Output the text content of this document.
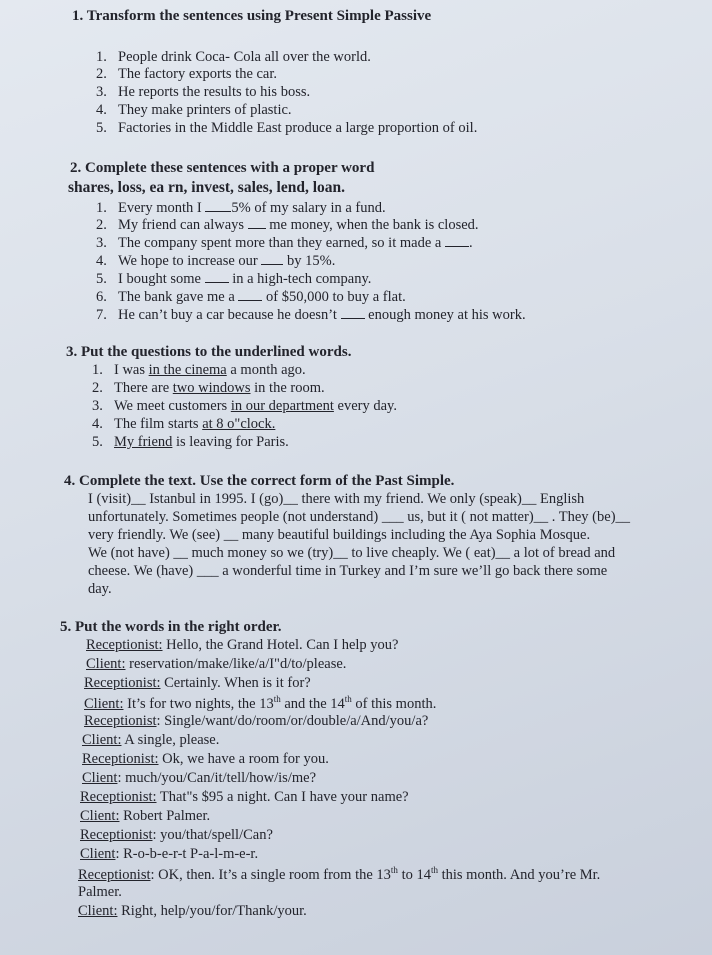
1. Transform the sentences using Present Simple Passive
1. People drink Coca- Cola all over the world.
2. The factory exports the car.
3. He reports the results to his boss.
4. They make printers of plastic.
5. Factories in the Middle East produce a large proportion of oil.
2. Complete these sentences with a proper word
shares, loss, ea rn, invest, sales, lend, loan.
1. Every month I 5% of my salary in a fund.
2. My friend can always  me money, when the bank is closed.
3. The company spent more than they earned, so it made a .
4. We hope to increase our  by 15%.
5. I bought some  in a high-tech company.
6. The bank gave me a  of $50,000 to buy a flat.
7. He can’t buy a car because he doesn’t  enough money at his work.
3. Put the questions to the underlined words.
1. I was in the cinema a month ago.
2. There are two windows in the room.
3. We meet customers in our department every day.
4. The film starts at 8 o"clock.
5. My friend is leaving for Paris.
4. Complete the text. Use the correct form of the Past Simple.
I (visit)__ Istanbul in 1995. I (go)__ there with my friend. We only (speak)__ English
unfortunately. Sometimes people (not understand) ___ us, but it ( not matter)__ . They (be)__
very friendly. We (see) __ many beautiful buildings including the Aya Sophia Mosque.
We (not have) __ much money so we (try)__ to live cheaply. We ( eat)__ a lot of bread and
cheese. We (have) ___ a wonderful time in Turkey and I’m sure we’ll go back there some
day.
5. Put the words in the right order.
Receptionist: Hello, the Grand Hotel. Can I help you?
Client: reservation/make/like/a/I"d/to/please.
Receptionist: Certainly. When is it for?
Client: It’s for two nights, the 13th and the 14th of this month.
Receptionist: Single/want/do/room/or/double/a/And/you/a?
Client: A single, please.
Receptionist: Ok, we have a room for you.
Client: much/you/Can/it/tell/how/is/me?
Receptionist: That"s $95 a night. Can I have your name?
Client: Robert Palmer.
Receptionist: you/that/spell/Can?
Client: R-o-b-e-r-t P-a-l-m-e-r.
Receptionist: OK, then. It’s a single room from the 13th to 14th this month. And you’re Mr.
Palmer.
Client: Right, help/you/for/Thank/your.
